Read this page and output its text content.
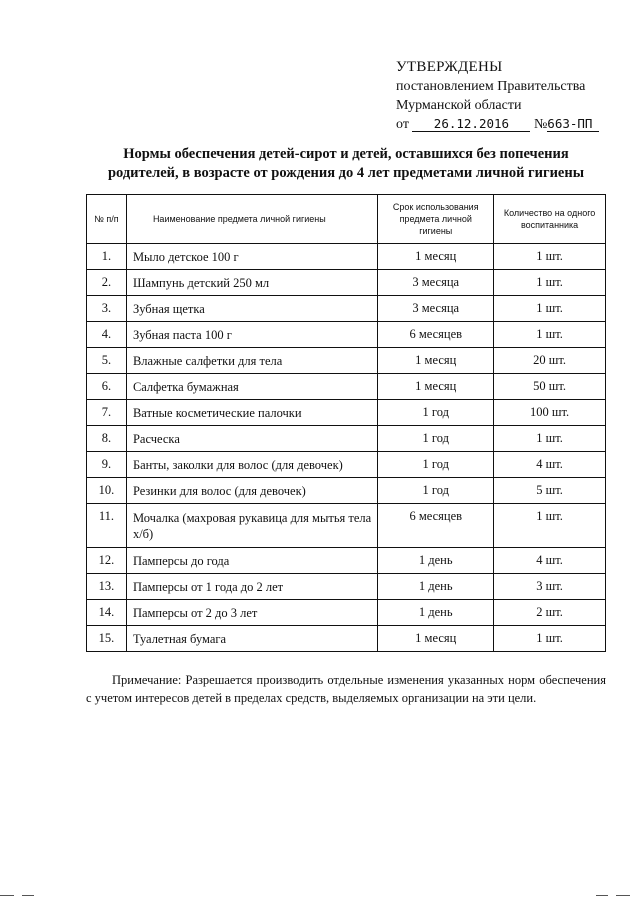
УТВЕРЖДЕНЫ
постановлением Правительства
Мурманской области
от 26.12.2016 №663-ПП
Нормы обеспечения детей-сирот и детей, оставшихся без попечения
родителей, в возрасте от рождения до 4 лет предметами личной гигиены
№ п/п	Наименование предмета личной гигиены	Срок использования предмета личной гигиены	Количество на одного воспитанника
1.	Мыло детское 100 г	1 месяц	1 шт.
2.	Шампунь детский 250 мл	3 месяца	1 шт.
3.	Зубная щетка	3 месяца	1 шт.
4.	Зубная паста 100 г	6 месяцев	1 шт.
5.	Влажные салфетки для тела	1 месяц	20 шт.
6.	Салфетка бумажная	1 месяц	50 шт.
7.	Ватные косметические палочки	1 год	100 шт.
8.	Расческа	1 год	1 шт.
9.	Банты, заколки для волос (для девочек)	1 год	4 шт.
10.	Резинки для волос (для девочек)	1 год	5 шт.
11.	Мочалка (махровая рукавица для мытья тела х/б)	6 месяцев	1 шт.
12.	Памперсы до года	1 день	4 шт.
13.	Памперсы от 1 года до 2 лет	1 день	3 шт.
14.	Памперсы от 2 до 3 лет	1 день	2 шт.
15.	Туалетная бумага	1 месяц	1 шт.
Примечание: Разрешается производить отдельные изменения указанных норм обеспечения с учетом интересов детей в пределах средств, выделяемых организации на эти цели.
